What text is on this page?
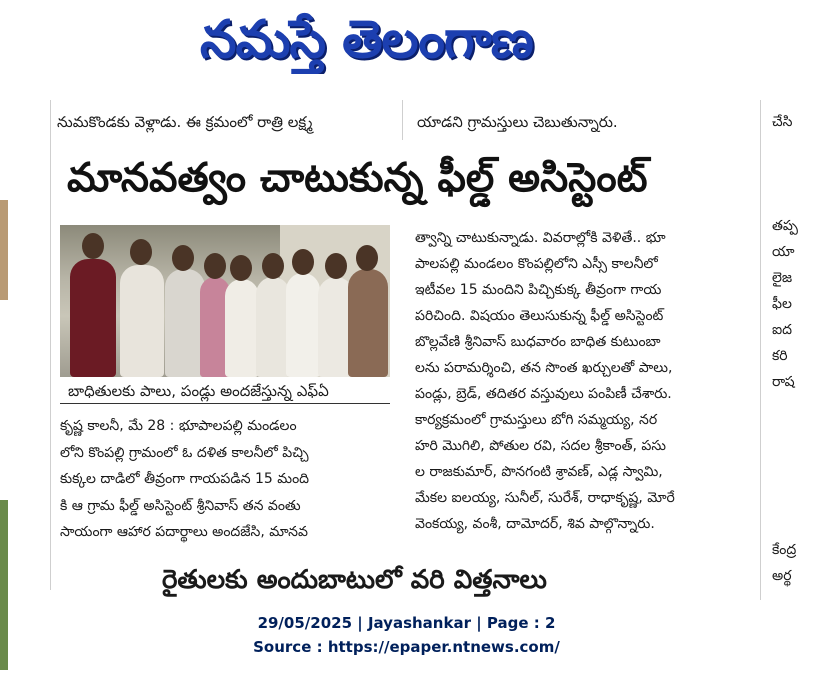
నమస్తే తెలంగాణ
చేసి
తప్ప
యా
లైజ
ఫీల
ఐద
కరి
రాష
కేంద్ర
అర్థ
నుమకొండకు వెళ్లాడు. ఈ క్రమంలో రాత్రి లక్ష్మ	యాడని గ్రామస్తులు చెబుతున్నారు.
మానవత్వం చాటుకున్న ఫీల్డ్ అసిస్టెంట్
బాధితులకు పాలు, పండ్లు అందజేస్తున్న ఎఫ్‌ఏ

కృష్ణ కాలనీ, మే 28 : భూపాలపల్లి మండలం

లోని కొంపల్లి గ్రామంలో ఓ దళిత కాలనీలో పిచ్చి

కుక్కల దాడిలో తీవ్రంగా గాయపడిన 15 మంది

కి ఆ గ్రామ ఫీల్డ్ అసిస్టెంట్ శ్రీనివాస్ తన వంతు

సాయంగా ఆహార పదార్థాలు అందజేసి, మానవ

త్వాన్ని చాటుకున్నాడు. వివరాల్లోకి వెళితే.. భూ

పాలపల్లి మండలం కొంపల్లిలోని ఎస్సీ కాలనీలో

ఇటీవల 15 మందిని పిచ్చికుక్క తీవ్రంగా గాయ

పరిచింది. విషయం తెలుసుకున్న ఫీల్డ్ అసిస్టెంట్

బొల్లవేణి శ్రీనివాస్ బుధవారం బాధిత కుటుంబా

లను పరామర్శించి, తన సొంత ఖర్చులతో పాలు,

పండ్లు, బ్రెడ్, తదితర వస్తువులు పంపిణీ చేశారు.

కార్యక్రమంలో గ్రామస్తులు బోగి సమ్మయ్య, నర

హరి మొగిలి, పోతుల రవి, సదల శ్రీకాంత్, పసు

ల రాజకుమార్, పొనగంటి శ్రావణ్, ఎడ్ల స్వామి,

మేకల ఐలయ్య, సునీల్, సురేశ్, రాధాకృష్ణ, మోరే

వెంకయ్య, వంశీ, దామోదర్, శివ పాల్గొన్నారు.

రైతులకు అందుబాటులో వరి విత్తనాలు
29/05/2025 | Jayashankar | Page : 2
Source : https://epaper.ntnews.com/
